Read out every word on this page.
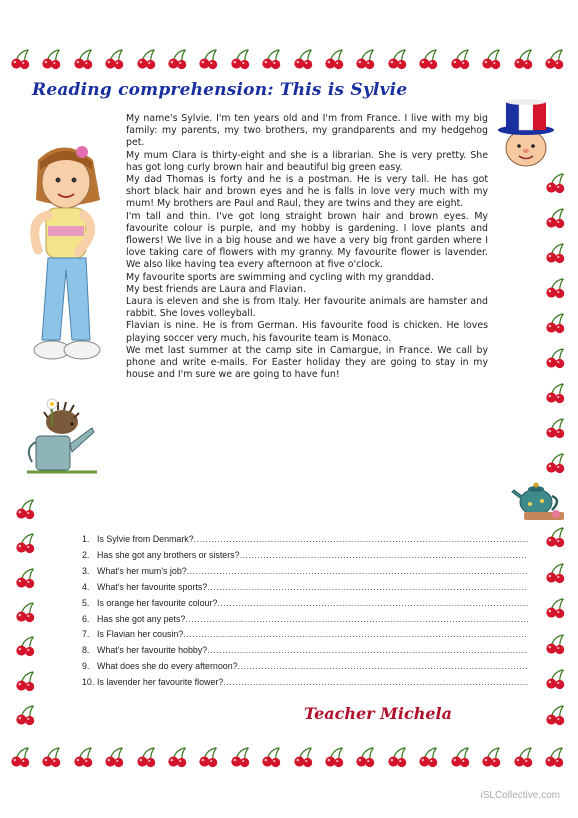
Reading comprehension: This is Sylvie

My name's Sylvie. I'm ten years old and I'm from France. I live with my big family: my parents, my two brothers, my grandparents and my hedgehog pet.

My mum Clara is thirty-eight and she is a librarian. She is very pretty. She has got long curly brown hair and beautiful big green easy.

My dad Thomas is forty and he is a postman. He is very tall. He has got short black hair and brown eyes and he is falls in love very much with my mum! My brothers are Paul and Raul, they are twins and they are eight.

I'm tall and thin. I've got long straight brown hair and brown eyes. My favourite colour is purple, and my hobby is gardening. I love plants and flowers! We live in a big house and we have a very big front garden where I love taking care of flowers with my granny. My favourite flower is lavender. We also like having tea every afternoon at five o'clock.

My favourite sports are swimming and cycling with my granddad.

My best friends are Laura and Flavian.

Laura is eleven and she is from Italy. Her favourite animals are hamster and rabbit. She loves volleyball.

Flavian is nine. He is from German. His favourite food is chicken. He loves playing soccer very much, his favourite team is Monaco.

We met last summer at the camp site in Camargue, in France. We call by phone and write e-mails. For Easter holiday they are going to stay in my house and I'm sure we are going to have fun!

1. Is Sylvie from Denmark?
.....
2. Has she got any brothers or sisters?
.....
3. What's her mum's job?
.....
4. What's her favourite sports?
.....
5. Is orange her favourite colour?
.....
6. Has she got any pets?
.....
7. Is Flavian her cousin?
.....
8. What's her favourite hobby?
.....
9. What does she do every afternoon?
.....
10. Is lavender her favourite flower?
.....
Teacher Michela
iSLCollective.com
